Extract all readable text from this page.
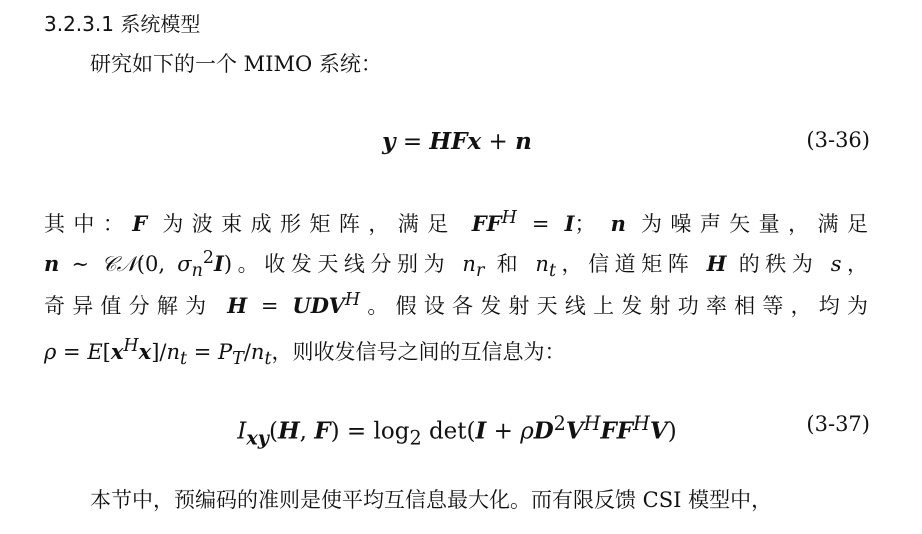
3.2.3.1 系统模型
研究如下的一个 MIMO 系统：
y = HFx + n	(3-36)
其中：F 为波束成形矩阵，满足 $FF^H = I$； n 为噪声矢量，满足
n ∼ 𝒞𝒩(0, $\sigma_n^2I$)。收发天线分别为 $n_r$ 和 $n_t$，信道矩阵 H 的秩为 s，
奇异值分解为 $H = UDV^H$。假设各发射天线上发射功率相等，均为
$\rho = E[x^Hx]/n_t = P_T/n_t$，则收发信号之间的互信息为：
$I_{xy}(H$, $F) = \log_2 \det(I + \rho D^2V^HFF^HV)$	(3-37)
本节中，预编码的准则是使平均互信息最大化。而有限反馈 CSI 模型中，
